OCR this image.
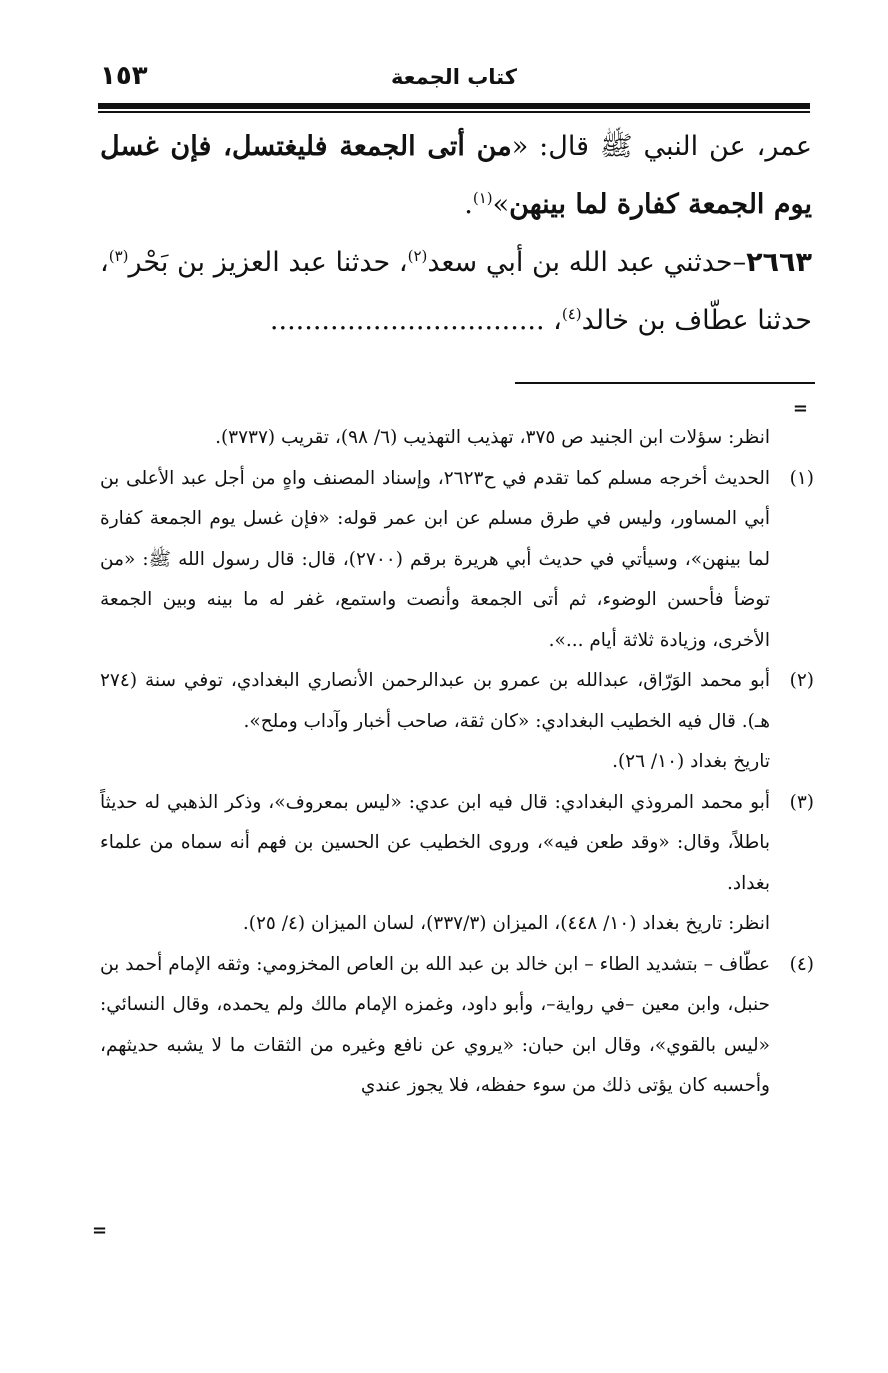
١٥٣	كتاب الجمعة

عمر، عن النبي ﷺ قال: «من أتى الجمعة فليغتسل، فإن غسل يوم الجمعة كفارة لما بينهن»$^{(١)}$.

٢٦٦٣–حدثني عبد الله بن أبي سعد$^{(٢)}$، حدثنا عبد العزيز بن بَحْر$^{(٣)}$، حدثنا عطّاف بن خالد$^{(٤)}$، ................................

=

انظر: سؤلات ابن الجنيد ص ٣٧٥، تهذيب التهذيب (٦/ ٩٨)، تقريب (٣٧٣٧).

(١)الحديث أخرجه مسلم كما تقدم في ح٢٦٢٣، وإسناد المصنف واهٍ من أجل عبد الأعلى بن أبي المساور، وليس في طرق مسلم عن ابن عمر قوله: «فإن غسل يوم الجمعة كفارة لما بينهن»، وسيأتي في حديث أبي هريرة برقم (٢٧٠٠)، قال: قال رسول الله ﷺ: «من توضأ فأحسن الوضوء، ثم أتى الجمعة وأنصت واستمع، غفر له ما بينه وبين الجمعة الأخرى، وزيادة ثلاثة أيام ...».

(٢)أبو محمد الوَرّاق، عبدالله بن عمرو بن عبدالرحمن الأنصاري البغدادي، توفي سنة (٢٧٤ هـ). قال فيه الخطيب البغدادي: «كان ثقة، صاحب أخبار وآداب وملح».

تاريخ بغداد (١٠/ ٢٦).

(٣)أبو محمد المروذي البغدادي: قال فيه ابن عدي: «ليس بمعروف»، وذكر الذهبي له حديثاً باطلاً، وقال: «وقد طعن فيه»، وروى الخطيب عن الحسين بن فهم أنه سماه من علماء بغداد.

انظر: تاريخ بغداد (١٠/ ٤٤٨)، الميزان (٣٣٧/٣)، لسان الميزان (٤/ ٢٥).

(٤)عطّاف – بتشديد الطاء – ابن خالد بن عبد الله بن العاص المخزومي: وثقه الإمام أحمد بن حنبل، وابن معين –في رواية–، وأبو داود، وغمزه الإمام مالك ولم يحمده، وقال النسائي: «ليس بالقوي»، وقال ابن حبان: «يروي عن نافع وغيره من الثقات ما لا يشبه حديثهم، وأحسبه كان يؤتى ذلك من سوء حفظه، فلا يجوز عندي

=
